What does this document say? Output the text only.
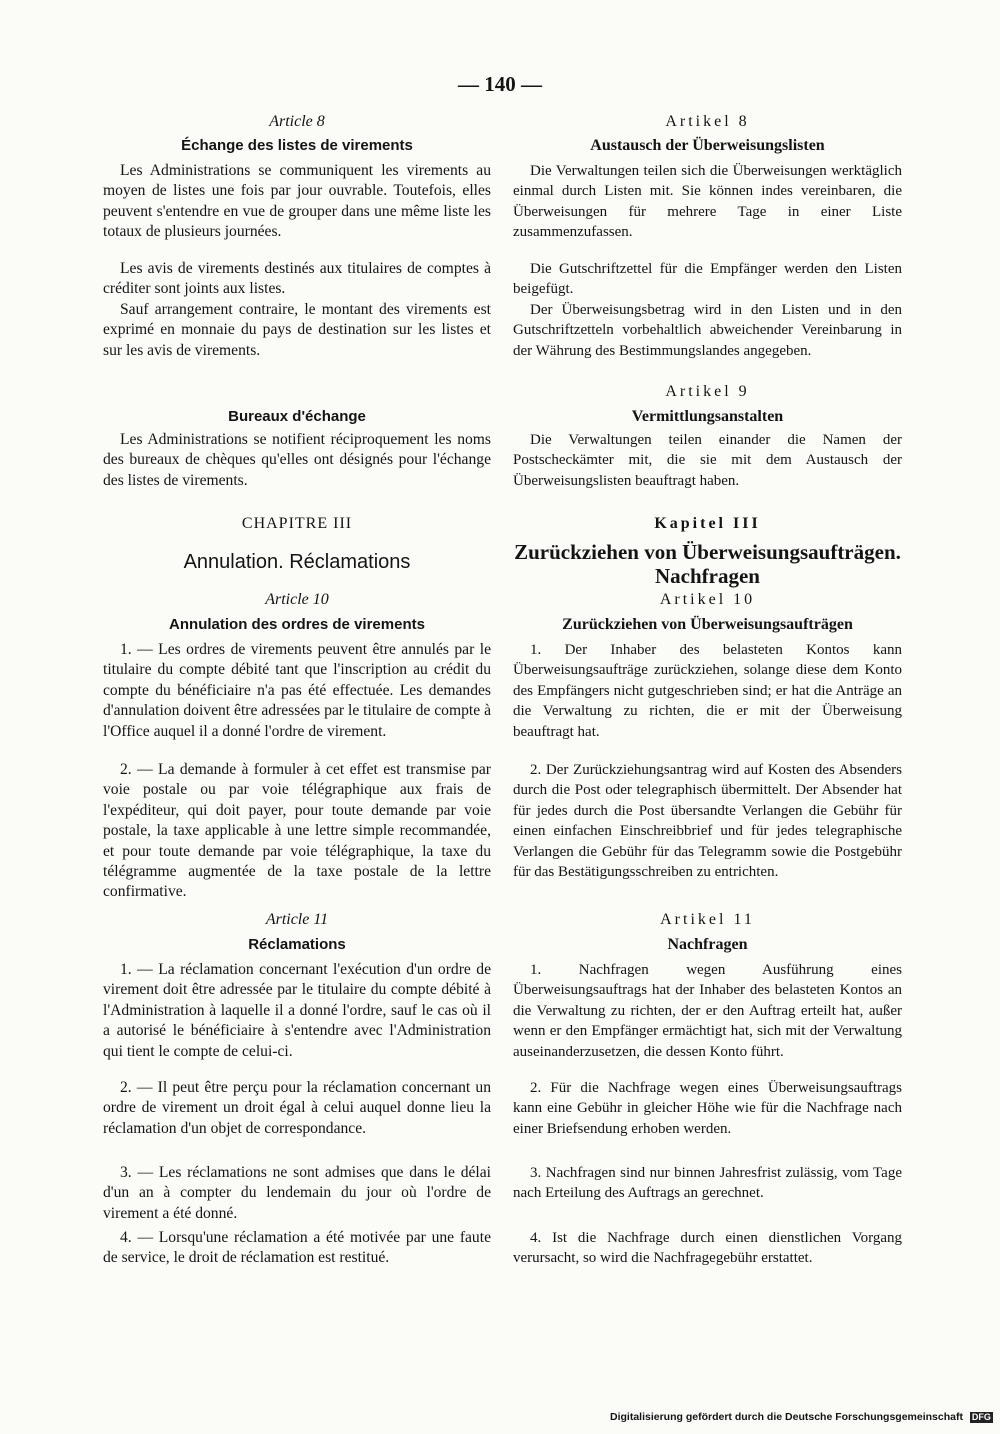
— 140 —
Article 8
Échange des listes de virements

Les Administrations se communiquent les virements au moyen de listes une fois par jour ouvrable. Toutefois, elles peuvent s'entendre en vue de grouper dans une même liste les totaux de plusieurs journées.

Les avis de virements destinés aux titulaires de comptes à créditer sont joints aux listes.

Sauf arrangement contraire, le montant des virements est exprimé en monnaie du pays de destination sur les listes et sur les avis de virements.

Bureaux d'échange

Les Administrations se notifient réciproquement les noms des bureaux de chèques qu'elles ont désignés pour l'échange des listes de virements.

CHAPITRE III
Annulation. Réclamations
Article 10
Annulation des ordres de virements

1. — Les ordres de virements peuvent être annulés par le titulaire du compte débité tant que l'inscription au crédit du compte du bénéficiaire n'a pas été effectuée. Les demandes d'annulation doivent être adressées par le titulaire de compte à l'Office auquel il a donné l'ordre de virement.

2. — La demande à formuler à cet effet est transmise par voie postale ou par voie télégraphique aux frais de l'expéditeur, qui doit payer, pour toute demande par voie postale, la taxe applicable à une lettre simple recommandée, et pour toute demande par voie télégraphique, la taxe du télégramme augmentée de la taxe postale de la lettre confirmative.

Article 11
Réclamations

1. — La réclamation concernant l'exécution d'un ordre de virement doit être adressée par le titulaire du compte débité à l'Administration à laquelle il a donné l'ordre, sauf le cas où il a autorisé le bénéficiaire à s'entendre avec l'Administration qui tient le compte de celui-ci.

2. — Il peut être perçu pour la réclamation concernant un ordre de virement un droit égal à celui auquel donne lieu la réclamation d'un objet de correspondance.

3. — Les réclamations ne sont admises que dans le délai d'un an à compter du lendemain du jour où l'ordre de virement a été donné.

4. — Lorsqu'une réclamation a été motivée par une faute de service, le droit de réclamation est restitué.

Artikel 8
Austausch der Überweisungslisten

Die Verwaltungen teilen sich die Überweisungen werktäglich einmal durch Listen mit. Sie können indes vereinbaren, die Überweisungen für mehrere Tage in einer Liste zusammenzufassen.

Die Gutschriftzettel für die Empfänger werden den Listen beigefügt.

Der Überweisungsbetrag wird in den Listen und in den Gutschriftzetteln vorbehaltlich abweichender Vereinbarung in der Währung des Bestimmungslandes angegeben.

Artikel 9
Vermittlungsanstalten

Die Verwaltungen teilen einander die Namen der Postscheckämter mit, die sie mit dem Austausch der Überweisungslisten beauftragt haben.

Kapitel III
Zurückziehen von Überweisungsaufträgen. Nachfragen
Artikel 10
Zurückziehen von Überweisungsaufträgen

1. Der Inhaber des belasteten Kontos kann Überweisungsaufträge zurückziehen, solange diese dem Konto des Empfängers nicht gutgeschrieben sind; er hat die Anträge an die Verwaltung zu richten, die er mit der Überweisung beauftragt hat.

2. Der Zurückziehungsantrag wird auf Kosten des Absenders durch die Post oder telegraphisch übermittelt. Der Absender hat für jedes durch die Post übersandte Verlangen die Gebühr für einen einfachen Einschreibbrief und für jedes telegraphische Verlangen die Gebühr für das Telegramm sowie die Postgebühr für das Bestätigungsschreiben zu entrichten.

Artikel 11
Nachfragen

1. Nachfragen wegen Ausführung eines Überweisungsauftrags hat der Inhaber des belasteten Kontos an die Verwaltung zu richten, der er den Auftrag erteilt hat, außer wenn er den Empfänger ermächtigt hat, sich mit der Verwaltung auseinanderzusetzen, die dessen Konto führt.

2. Für die Nachfrage wegen eines Überweisungsauftrags kann eine Gebühr in gleicher Höhe wie für die Nachfrage nach einer Briefsendung erhoben werden.

3. Nachfragen sind nur binnen Jahresfrist zulässig, vom Tage nach Erteilung des Auftrags an gerechnet.

4. Ist die Nachfrage durch einen dienstlichen Vorgang verursacht, so wird die Nachfragegebühr erstattet.

Digitalisierung gefördert durch die Deutsche Forschungsgemeinschaft DFG
